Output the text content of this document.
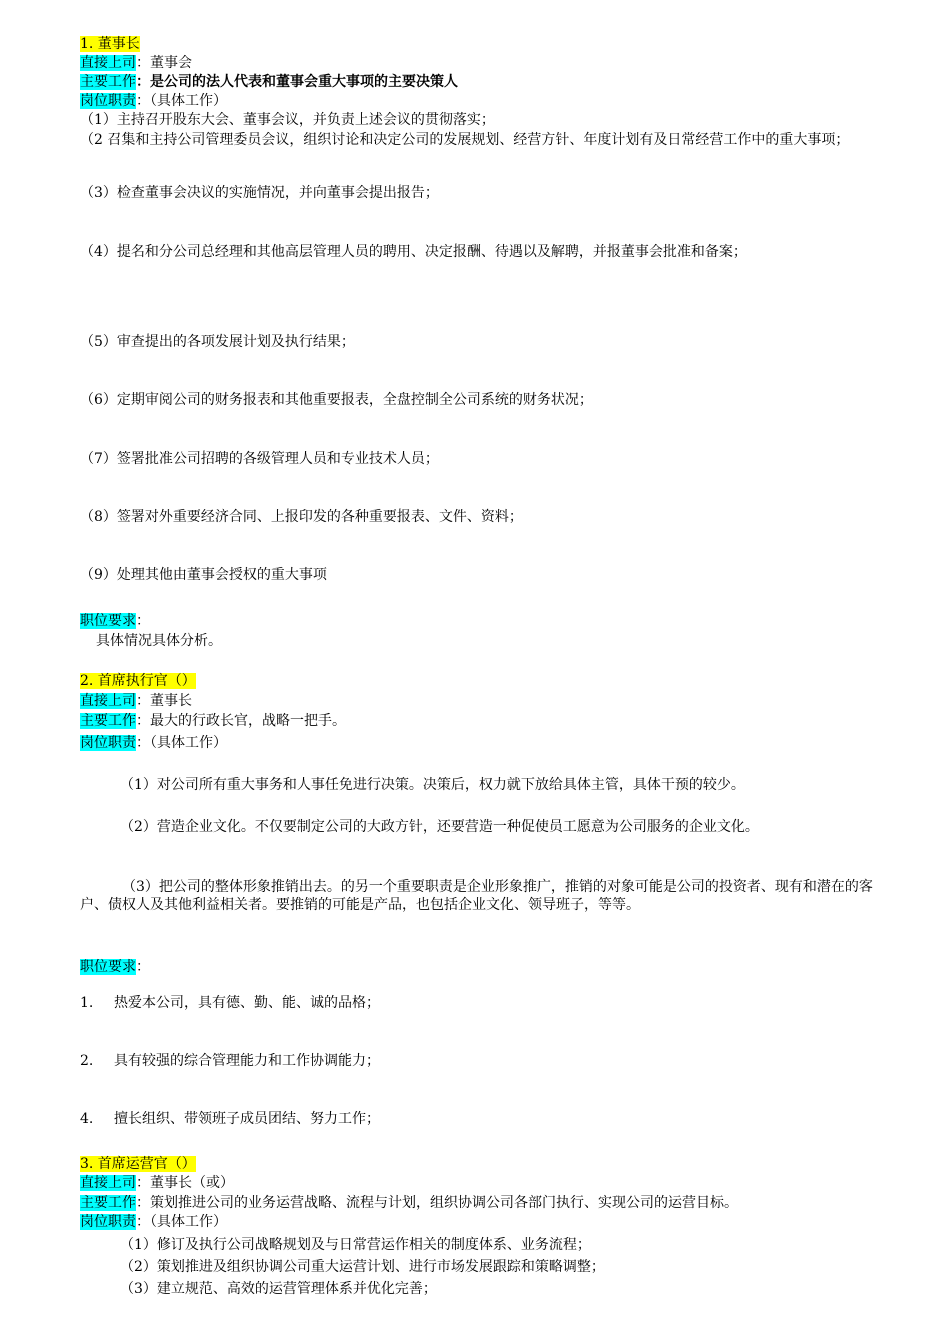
1. 董事长
直接上司：董事会
主要工作：是公司的法人代表和董事会重大事项的主要决策人
岗位职责：（具体工作）
（1）主持召开股东大会、董事会议，并负责上述会议的贯彻落实；
（2 召集和主持公司管理委员会议，组织讨论和决定公司的发展规划、经营方针、年度计划有及日常经营工作中的重大事项；
（3）检查董事会决议的实施情况，并向董事会提出报告；
（4）提名和分公司总经理和其他高层管理人员的聘用、决定报酬、待遇以及解聘，并报董事会批准和备案；
（5）审查提出的各项发展计划及执行结果；
（6）定期审阅公司的财务报表和其他重要报表，全盘控制全公司系统的财务状况；
（7）签署批准公司招聘的各级管理人员和专业技术人员；
（8）签署对外重要经济合同、上报印发的各种重要报表、文件、资料；
（9）处理其他由董事会授权的重大事项
职位要求：
具体情况具体分析。
2. 首席执行官（）
直接上司：董事长
主要工作：最大的行政长官，战略一把手。
岗位职责：（具体工作）
（1）对公司所有重大事务和人事任免进行决策。决策后，权力就下放给具体主管，具体干预的较少。
（2）营造企业文化。不仅要制定公司的大政方针，还要营造一种促使员工愿意为公司服务的企业文化。
（3）把公司的整体形象推销出去。的另一个重要职责是企业形象推广，推销的对象可能是公司的投资者、现有和潜在的客户、债权人及其他利益相关者。要推销的可能是产品，也包括企业文化、领导班子，等等。
职位要求：
1. 热爱本公司，具有德、勤、能、诚的品格；
2. 具有较强的综合管理能力和工作协调能力；
4. 擅长组织、带领班子成员团结、努力工作；
3. 首席运营官（）
直接上司：董事长（或）
主要工作：策划推进公司的业务运营战略、流程与计划，组织协调公司各部门执行、实现公司的运营目标。
岗位职责：（具体工作）
（1）修订及执行公司战略规划及与日常营运作相关的制度体系、业务流程；
（2）策划推进及组织协调公司重大运营计划、进行市场发展跟踪和策略调整；
（3）建立规范、高效的运营管理体系并优化完善；
